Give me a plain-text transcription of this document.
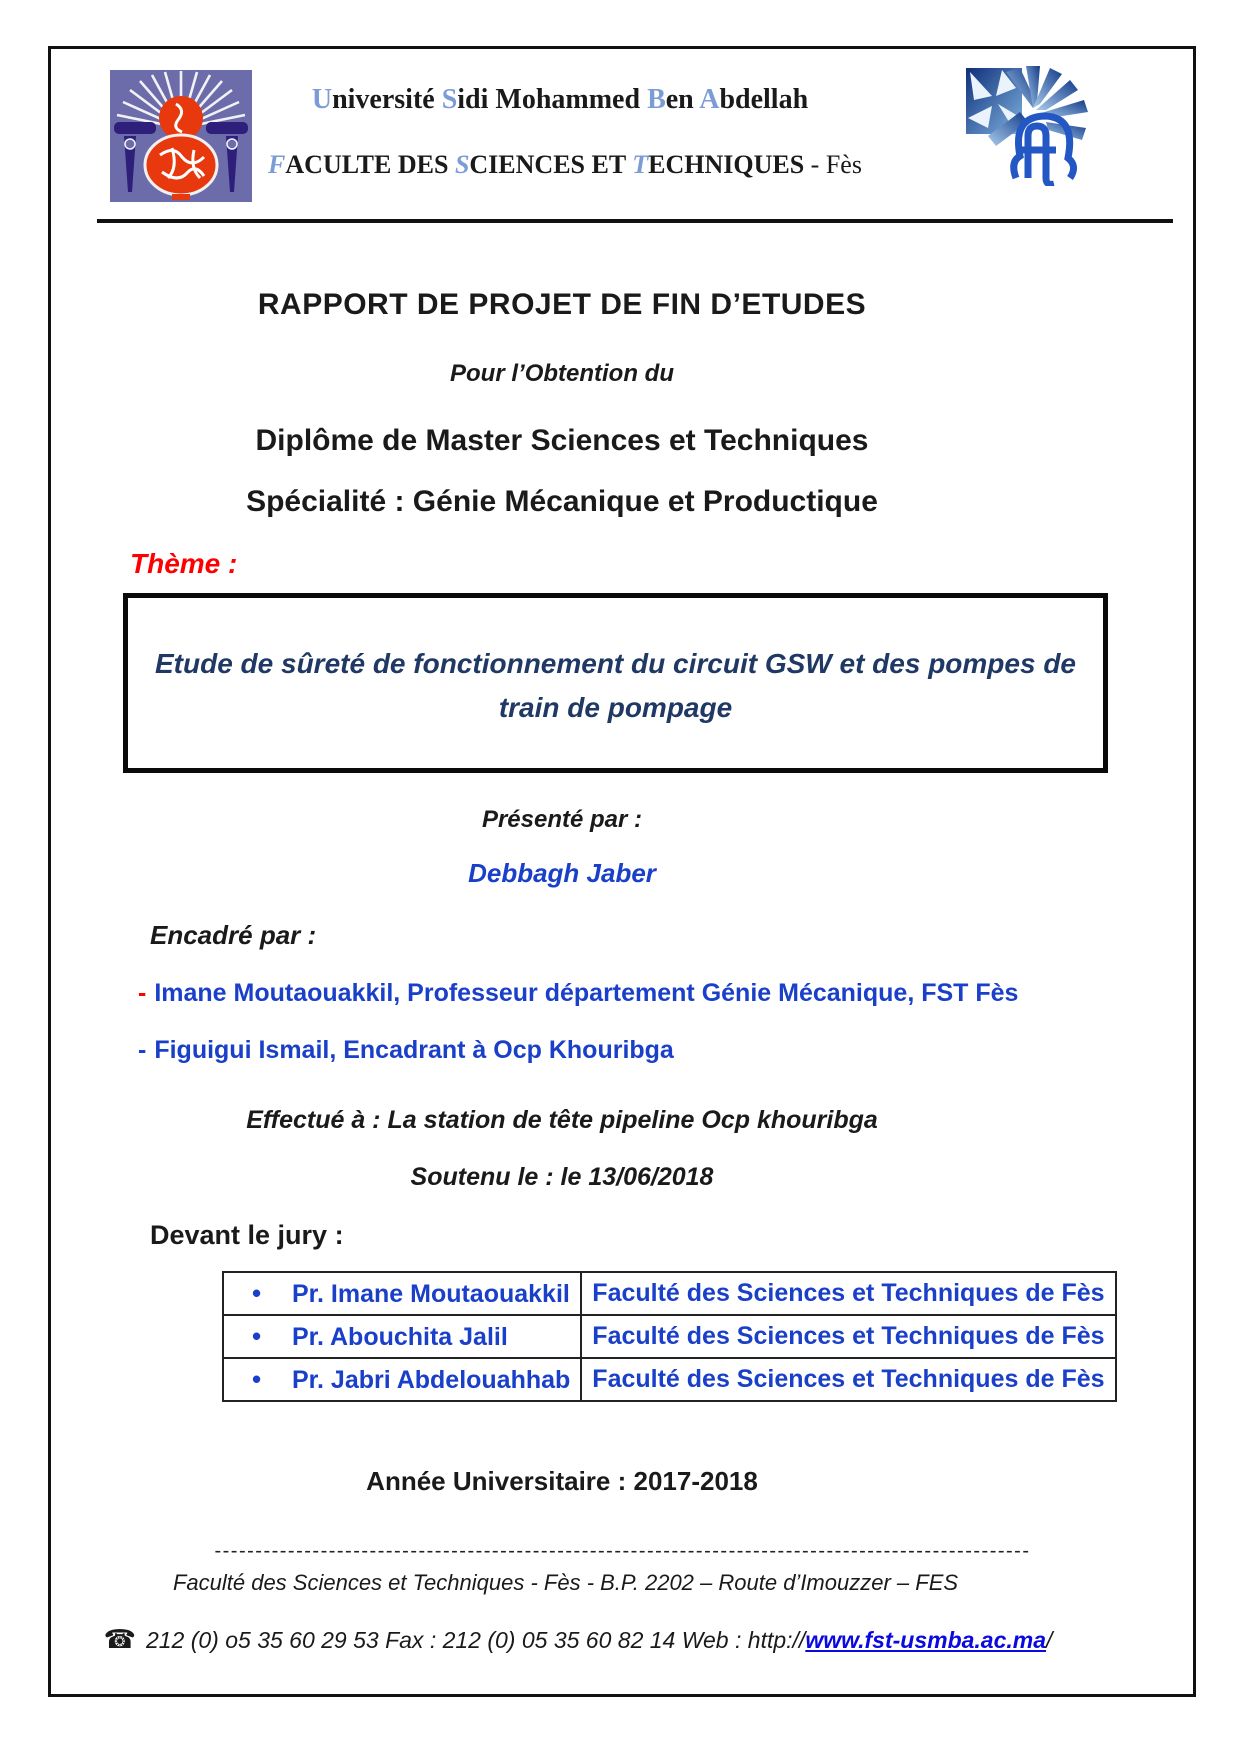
Université Sidi Mohammed Ben Abdellah
FACULTE DES SCIENCES ET TECHNIQUES - Fès
RAPPORT DE PROJET DE FIN D’ETUDES
Pour l’Obtention du
Diplôme de Master Sciences et Techniques
Spécialité : Génie Mécanique et Productique
Thème :
Etude de sûreté de fonctionnement du circuit GSW et des pompes de train de pompage
Présenté par :
Debbagh Jaber
Encadré par :
- Imane Moutaouakkil, Professeur département Génie Mécanique, FST Fès
- Figuigui Ismail, Encadrant à Ocp Khouribga
Effectué à : La station de tête pipeline Ocp khouribga
Soutenu le : le 13/06/2018
Devant le jury :
• Pr. Imane Moutaouakkil	Faculté des Sciences et Techniques de Fès
• Pr. Abouchita Jalil	Faculté des Sciences et Techniques de Fès
• Pr. Jabri Abdelouahhab	Faculté des Sciences et Techniques de Fès
Année Universitaire : 2017-2018
----------------------------------------------------------------------------------------------------
Faculté des Sciences et Techniques - Fès - B.P. 2202 – Route d’Imouzzer – FES
☎ 212 (0) o5 35 60 29 53 Fax : 212 (0) 05 35 60 82 14 Web : http://www.fst-usmba.ac.ma/
